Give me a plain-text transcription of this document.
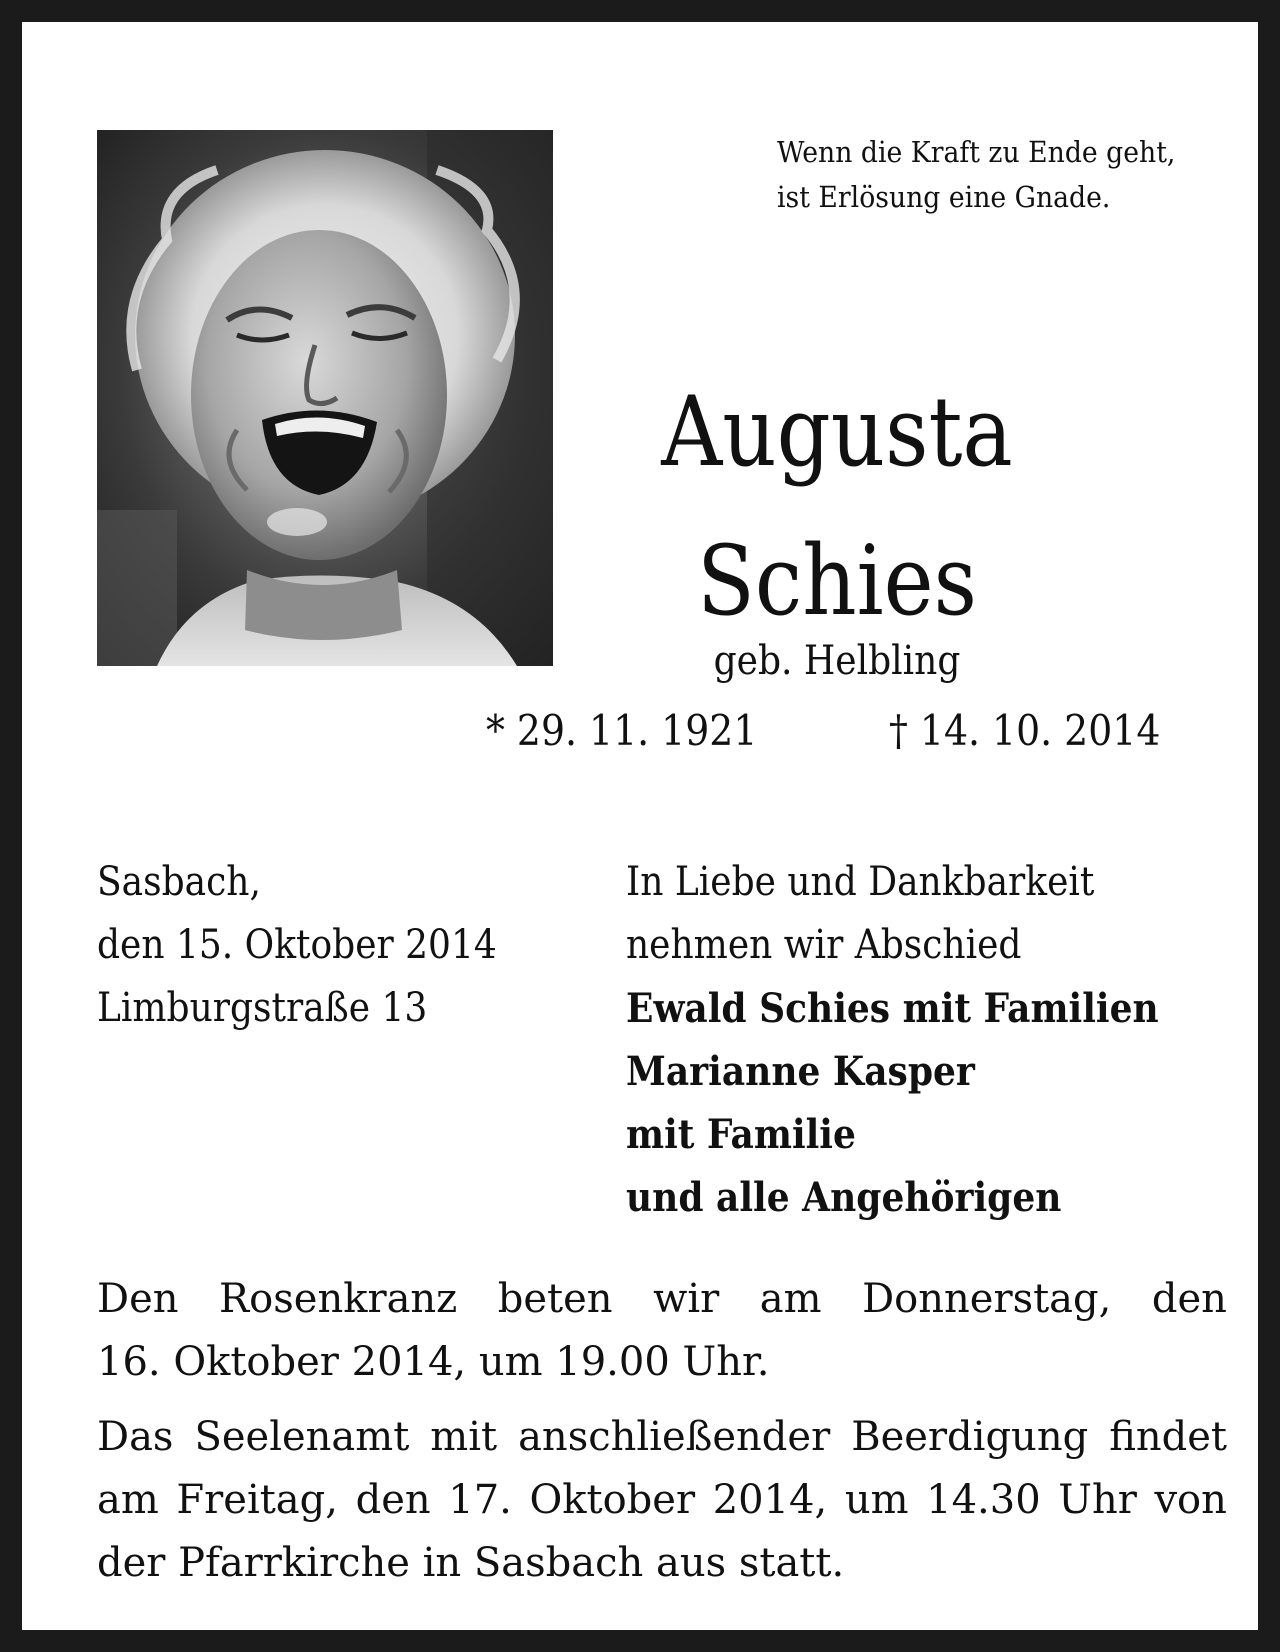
Wenn die Kraft zu Ende geht,
ist Erlösung eine Gnade.
Augusta
Schies
geb. Helbling
* 29. 11. 1921	† 14. 10. 2014
Sasbach,
den 15. Oktober 2014
Limburgstraße 13
In Liebe und Dankbarkeit
nehmen wir Abschied
Ewald Schies mit Familien
Marianne Kasper
mit Familie
und alle Angehörigen
Den Rosenkranz beten wir am Donnerstag, den
16. Oktober 2014, um 19.00 Uhr.
Das Seelenamt mit anschließender Beerdigung findet
am Freitag, den 17. Oktober 2014, um 14.30 Uhr von
der Pfarrkirche in Sasbach aus statt.
